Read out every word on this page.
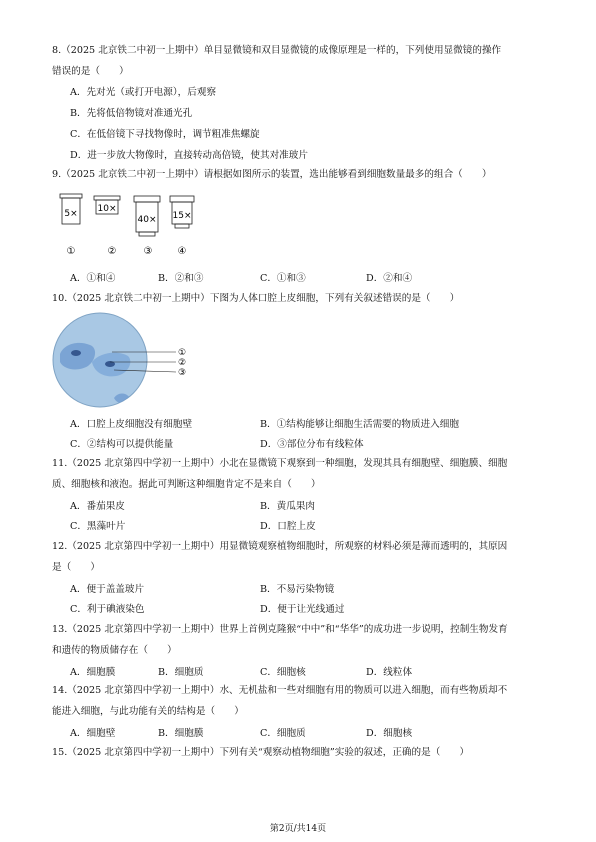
8.（2025 北京铁二中初一上期中）单目显微镜和双目显微镜的成像原理是一样的，下列使用显微镜的操作
错误的是（　　）
A．先对光（或打开电源），后观察
B．先将低倍物镜对准通光孔
C．在低倍镜下寻找物像时，调节粗准焦螺旋
D．进一步放大物像时，直接转动高倍镜，使其对准玻片
9.（2025 北京铁二中初一上期中）请根据如图所示的装置，选出能够看到细胞数量最多的组合（　　）
5× 10×
40× 15×
①	②	③	④
A．①和④	B．②和③	C．①和③	D．②和④
10.（2025 北京铁二中初一上期中）下图为人体口腔上皮细胞，下列有关叙述错误的是（　　）
①
②
③
A．口腔上皮细胞没有细胞壁	B．①结构能够让细胞生活需要的物质进入细胞
C．②结构可以提供能量	D．③部位分布有线粒体
11.（2025 北京第四中学初一上期中）小北在显微镜下观察到一种细胞，发现其具有细胞壁、细胞膜、细胞
质、细胞核和液泡。据此可判断这种细胞肯定不是来自（　　）
A．番茄果皮	B．黄瓜果肉
C．黑藻叶片	D．口腔上皮
12.（2025 北京第四中学初一上期中）用显微镜观察植物细胞时，所观察的材料必须是薄而透明的，其原因
是（　　）
A．便于盖盖玻片	B．不易污染物镜
C．利于碘液染色	D．便于让光线通过
13.（2025 北京第四中学初一上期中）世界上首例克隆猴“中中”和“华华”的成功进一步说明，控制生物发育
和遗传的物质储存在（　　）
A．细胞膜	B．细胞质	C．细胞核	D．线粒体
14.（2025 北京第四中学初一上期中）水、无机盐和一些对细胞有用的物质可以进入细胞，而有些物质却不
能进入细胞，与此功能有关的结构是（　　）
A．细胞壁	B．细胞膜	C．细胞质	D．细胞核
15.（2025 北京第四中学初一上期中）下列有关“观察动植物细胞”实验的叙述，正确的是（　　）
第2页/共14页
